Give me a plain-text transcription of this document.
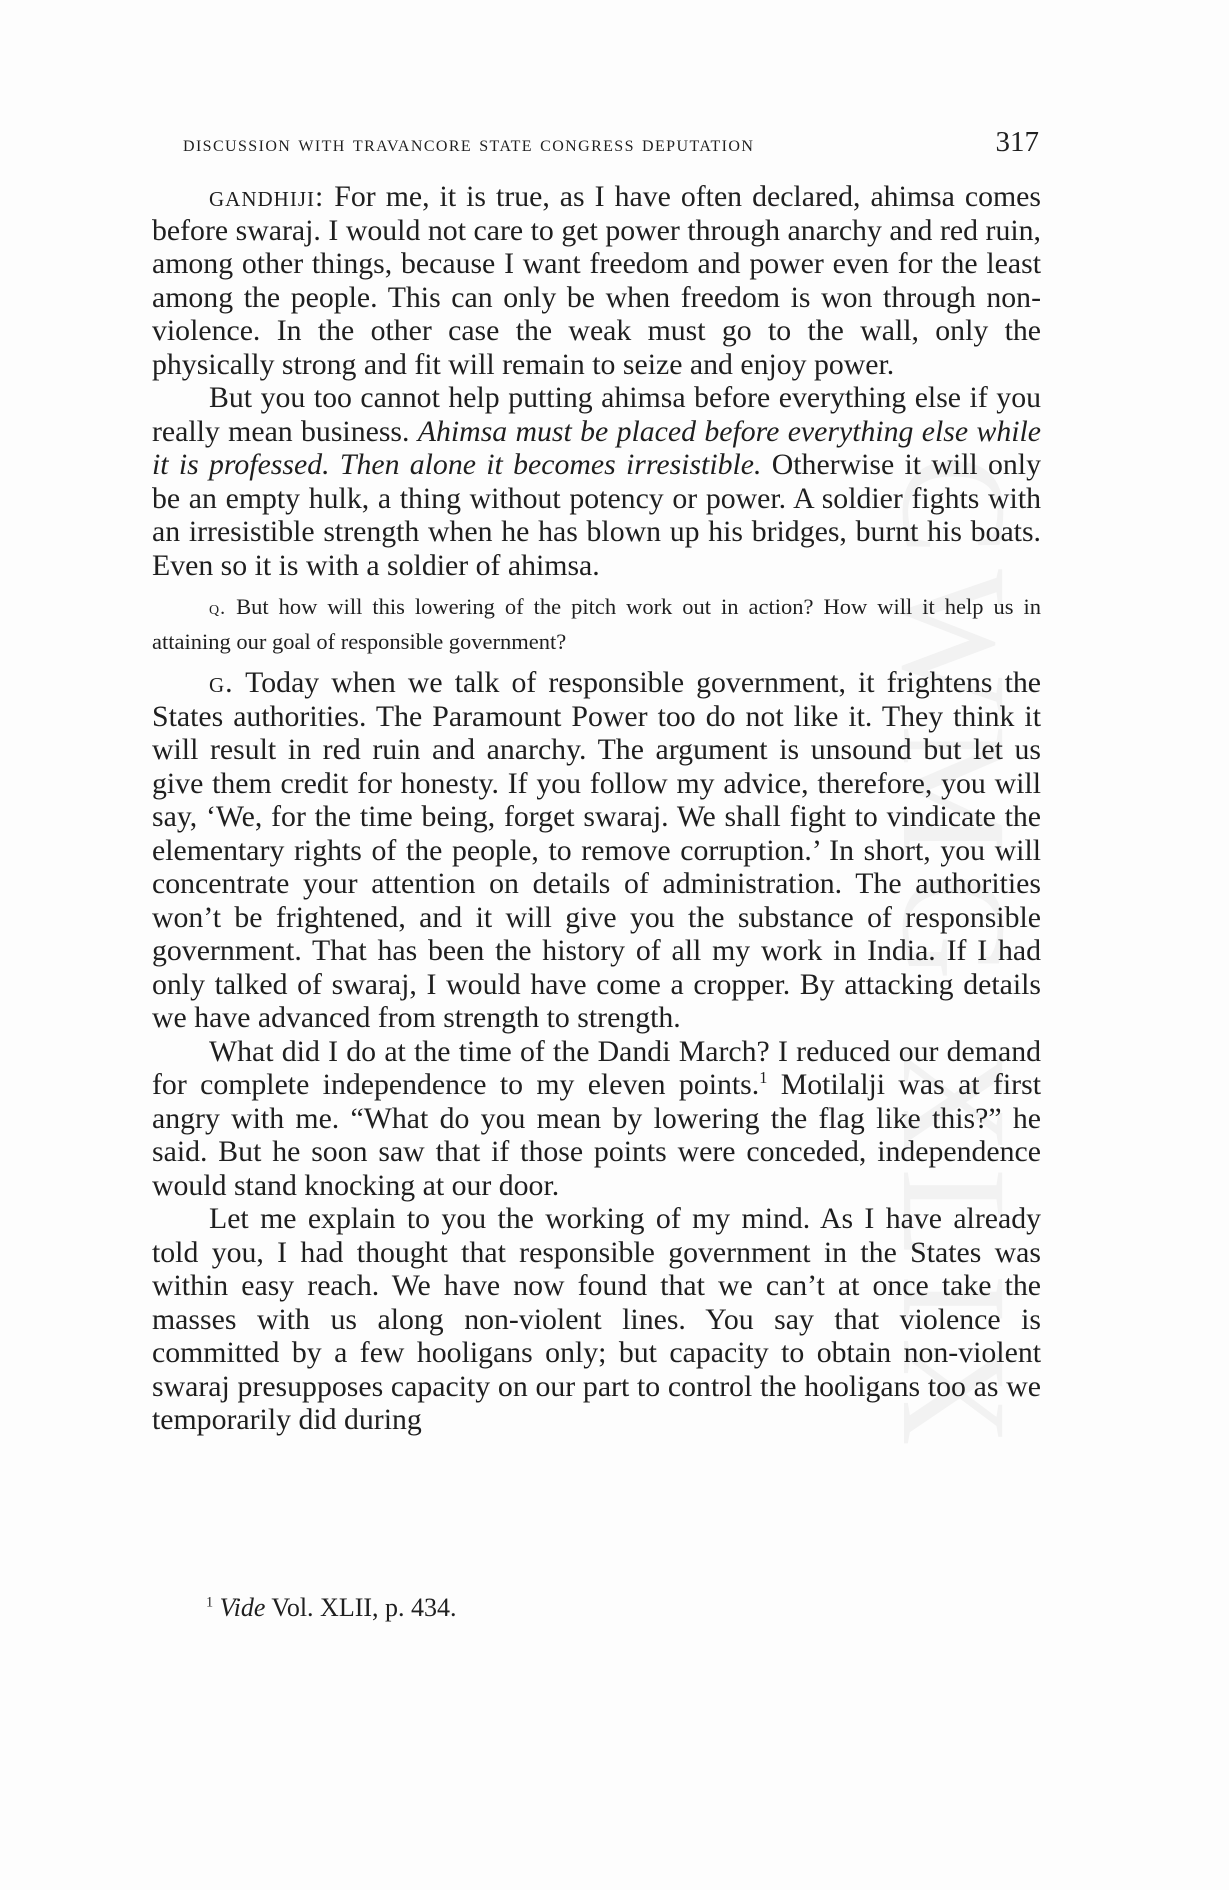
discussion with travancore state congress deputation	317

gandhiji: For me, it is true, as I have often declared, ahimsa comes before swaraj. I would not care to get power through anarchy and red ruin, among other things, because I want freedom and power even for the least among the people. This can only be when freedom is won through non-violence. In the other case the weak must go to the wall, only the physically strong and fit will remain to seize and enjoy power.

But you too cannot help putting ahimsa before everything else if you really mean business. Ahimsa must be placed before everything else while it is professed. Then alone it becomes irresistible. Otherwise it will only be an empty hulk, a thing without potency or power. A soldier fights with an irresistible strength when he has blown up his bridges, burnt his boats. Even so it is with a soldier of ahimsa.

q. But how will this lowering of the pitch work out in action? How will it help us in attaining our goal of responsible government?

g. Today when we talk of responsible government, it frightens the States authorities. The Paramount Power too do not like it. They think it will result in red ruin and anarchy. The argument is unsound but let us give them credit for honesty. If you follow my advice, therefore, you will say, ‘We, for the time being, forget swaraj. We shall fight to vindicate the elementary rights of the people, to remove corruption.’ In short, you will concentrate your attention on details of administration. The authorities won’t be frightened, and it will give you the substance of responsible government. That has been the history of all my work in India. If I had only talked of swaraj, I would have come a cropper. By attacking details we have advanced from strength to strength.

What did I do at the time of the Dandi March? I reduced our demand for complete independence to my eleven points.$^1$ Motilalji was at first angry with me. “What do you mean by lowering the flag like this?” he said. But he soon saw that if those points were conceded, independence would stand knocking at our door.

Let me explain to you the working of my mind. As I have already told you, I had thought that responsible government in the States was within easy reach. We have now found that we can’t at once take the masses with us along non-violent lines. You say that violence is committed by a few hooligans only; but capacity to obtain non-violent swaraj presupposes capacity on our part to control the hooligans too as we temporarily did during

$^1$ Vide Vol. XLII, p. 434.
